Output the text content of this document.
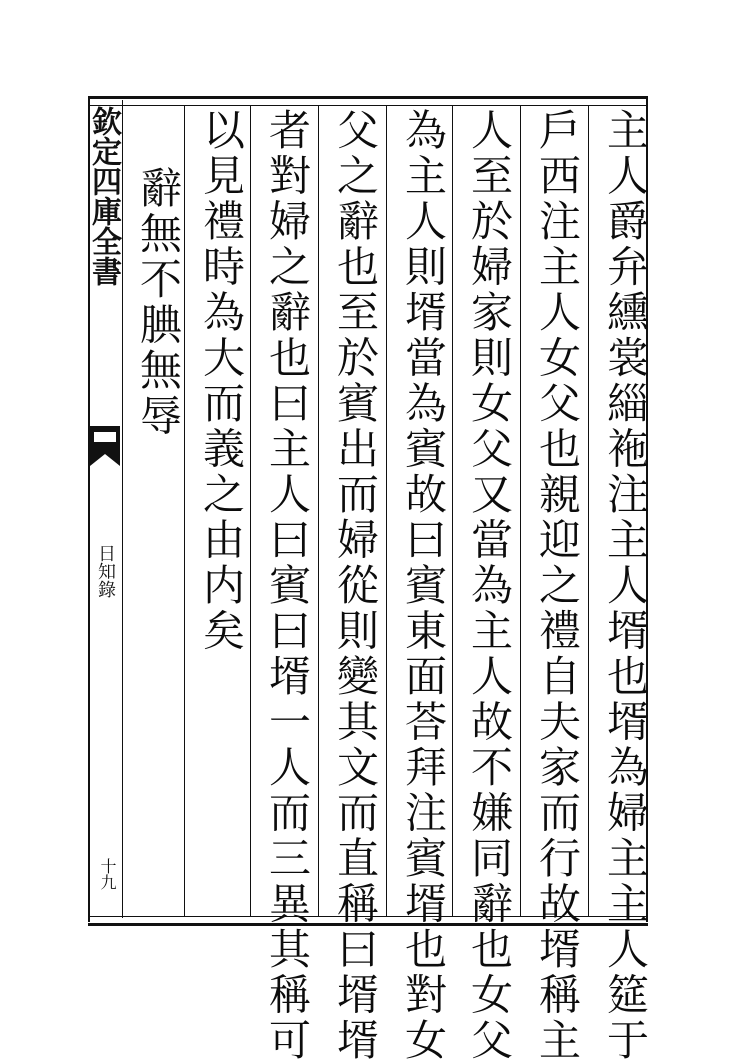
欽定四庫全書
日知錄
十九	主人爵弁纁裳緇袘注主人壻也壻為婦主主人筵于
戶西注主人女父也親迎之禮自夫家而行故壻稱主
人至於婦家則女父又當為主人故不嫌同辭也女父
為主人則壻當為賓故曰賓東面荅拜注賓壻也對女
父之辭也至於賓出而婦從則變其文而直稱曰壻壻
者對婦之辭也曰主人曰賓曰壻一人而三異其稱可
以見禮時為大而義之由内矣
辭無不腆無辱
